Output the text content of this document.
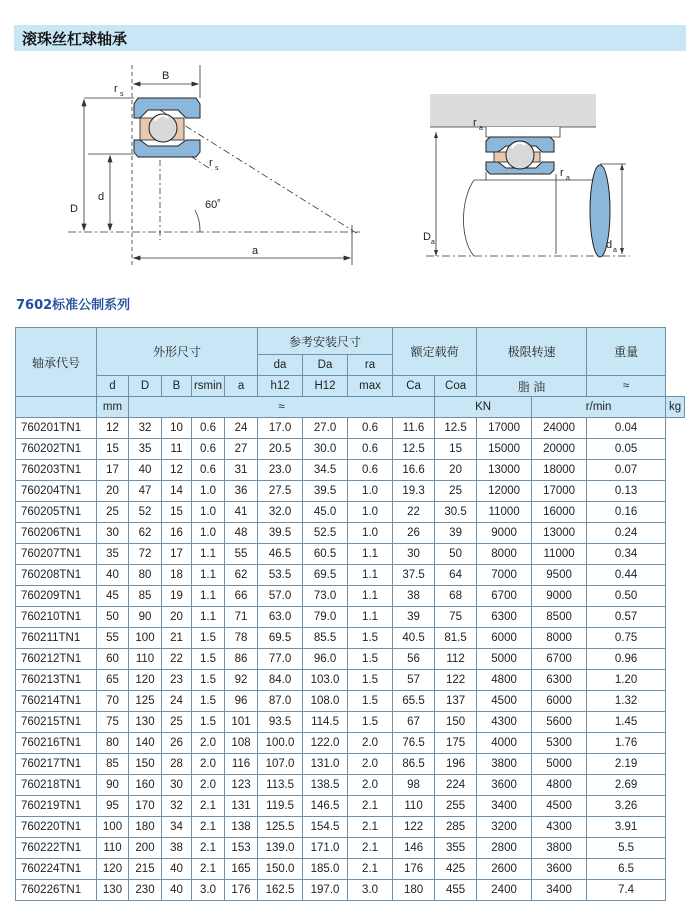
滚珠丝杠球轴承
B
r s
r s
D
d
60˚
a
r a
r a
D a	d a
7602标准公制系列
轴承代号	外形尺寸					参考安装尺寸			额定载荷		极限转速		重量	
						da	Da	ra						
	d	D	B	rsmin	a	h12	H12	max	Ca	Coa	脂 油		≈	
	mm	≈								KN		r/min		kg
760201TN1	12	32	10	0.6	24	17.0	27.0	0.6	11.6	12.5	17000	24000	0.04	
760202TN1	15	35	11	0.6	27	20.5	30.0	0.6	12.5	15	15000	20000	0.05	
760203TN1	17	40	12	0.6	31	23.0	34.5	0.6	16.6	20	13000	18000	0.07	
760204TN1	20	47	14	1.0	36	27.5	39.5	1.0	19.3	25	12000	17000	0.13	
760205TN1	25	52	15	1.0	41	32.0	45.0	1.0	22	30.5	11000	16000	0.16	
760206TN1	30	62	16	1.0	48	39.5	52.5	1.0	26	39	9000	13000	0.24	
760207TN1	35	72	17	1.1	55	46.5	60.5	1.1	30	50	8000	11000	0.34	
760208TN1	40	80	18	1.1	62	53.5	69.5	1.1	37.5	64	7000	9500	0.44	
760209TN1	45	85	19	1.1	66	57.0	73.0	1.1	38	68	6700	9000	0.50	
760210TN1	50	90	20	1.1	71	63.0	79.0	1.1	39	75	6300	8500	0.57	
760211TN1	55	100	21	1.5	78	69.5	85.5	1.5	40.5	81.5	6000	8000	0.75	
760212TN1	60	110	22	1.5	86	77.0	96.0	1.5	56	112	5000	6700	0.96	
760213TN1	65	120	23	1.5	92	84.0	103.0	1.5	57	122	4800	6300	1.20	
760214TN1	70	125	24	1.5	96	87.0	108.0	1.5	65.5	137	4500	6000	1.32	
760215TN1	75	130	25	1.5	101	93.5	114.5	1.5	67	150	4300	5600	1.45	
760216TN1	80	140	26	2.0	108	100.0	122.0	2.0	76.5	175	4000	5300	1.76	
760217TN1	85	150	28	2.0	116	107.0	131.0	2.0	86.5	196	3800	5000	2.19	
760218TN1	90	160	30	2.0	123	113.5	138.5	2.0	98	224	3600	4800	2.69	
760219TN1	95	170	32	2.1	131	119.5	146.5	2.1	110	255	3400	4500	3.26	
760220TN1	100	180	34	2.1	138	125.5	154.5	2.1	122	285	3200	4300	3.91	
760222TN1	110	200	38	2.1	153	139.0	171.0	2.1	146	355	2800	3800	5.5	
760224TN1	120	215	40	2.1	165	150.0	185.0	2.1	176	425	2600	3600	6.5	
760226TN1	130	230	40	3.0	176	162.5	197.0	3.0	180	455	2400	3400	7.4	
